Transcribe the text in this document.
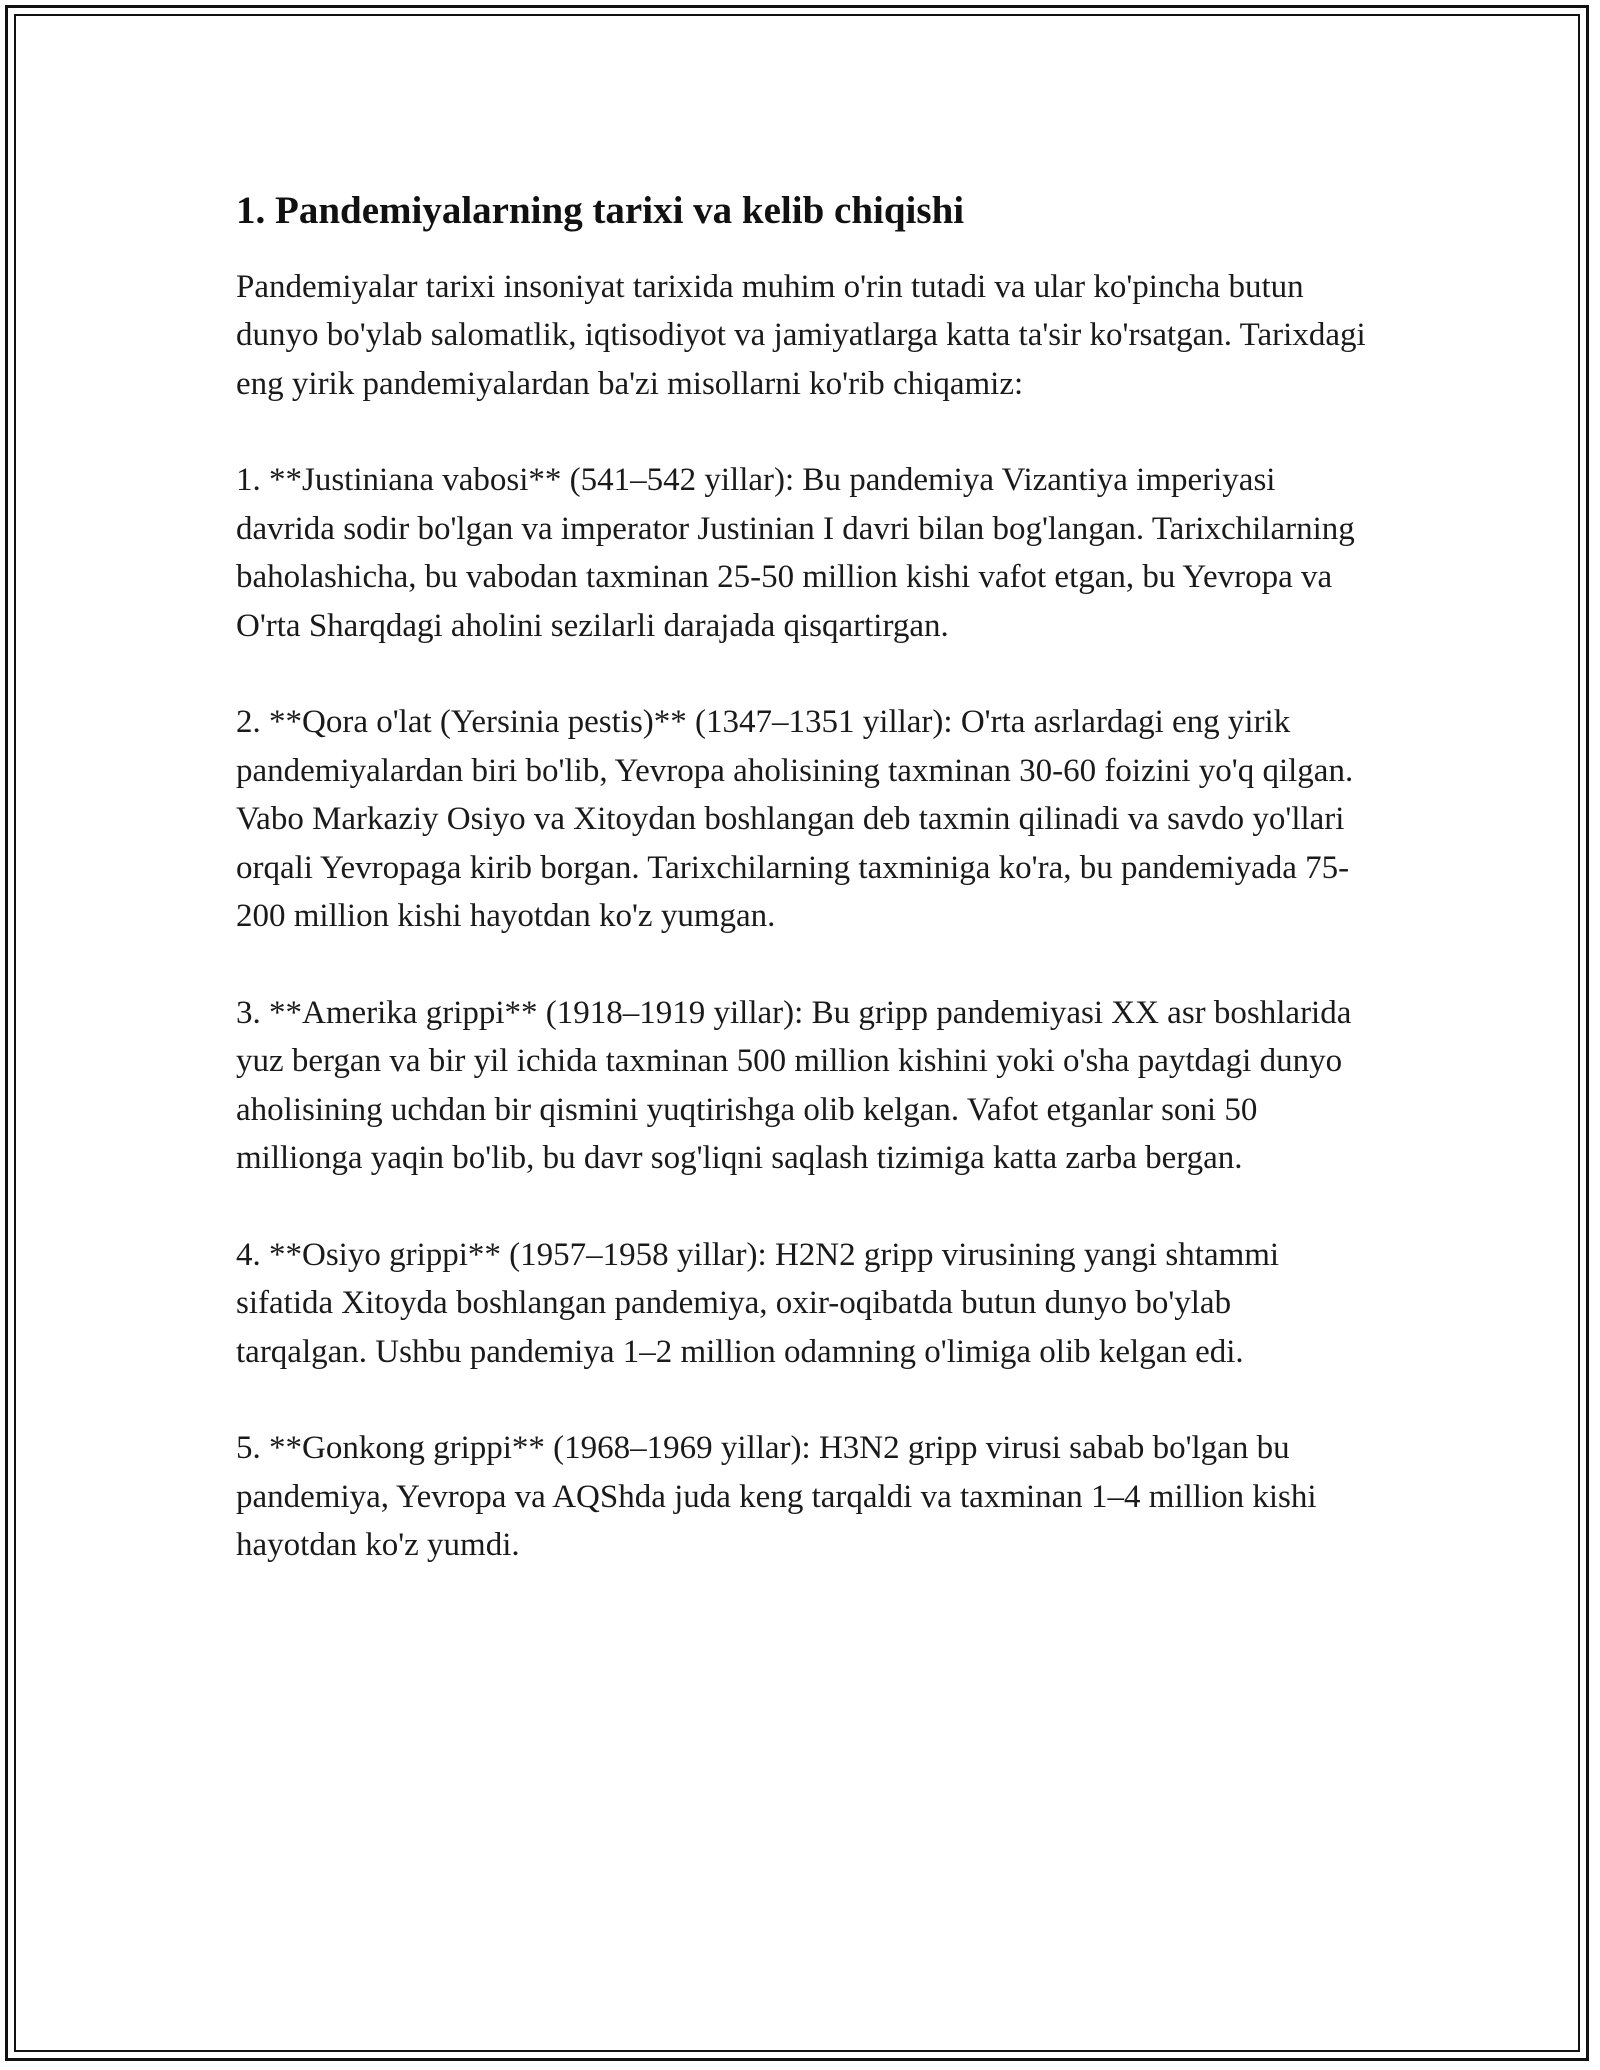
1. Pandemiyalarning tarixi va kelib chiqishi

Pandemiyalar tarixi insoniyat tarixida muhim o'rin tutadi va ular ko'pincha butun dunyo bo'ylab salomatlik, iqtisodiyot va jamiyatlarga katta ta'sir ko'rsatgan. Tarixdagi eng yirik pandemiyalardan ba'zi misollarni ko'rib chiqamiz:

1. **Justiniana vabosi** (541–542 yillar): Bu pandemiya Vizantiya imperiyasi davrida sodir bo'lgan va imperator Justinian I davri bilan bog'langan. Tarixchilarning baholashicha, bu vabodan taxminan 25-50 million kishi vafot etgan, bu Yevropa va O'rta Sharqdagi aholini sezilarli darajada qisqartirgan.

2. **Qora o'lat (Yersinia pestis)** (1347–1351 yillar): O'rta asrlardagi eng yirik pandemiyalardan biri bo'lib, Yevropa aholisining taxminan 30-60 foizini yo'q qilgan. Vabo Markaziy Osiyo va Xitoydan boshlangan deb taxmin qilinadi va savdo yo'llari orqali Yevropaga kirib borgan. Tarixchilarning taxminiga ko'ra, bu pandemiyada 75-200 million kishi hayotdan ko'z yumgan.

3. **Amerika grippi** (1918–1919 yillar): Bu gripp pandemiyasi XX asr boshlarida yuz bergan va bir yil ichida taxminan 500 million kishini yoki o'sha paytdagi dunyo aholisining uchdan bir qismini yuqtirishga olib kelgan. Vafot etganlar soni 50 millionga yaqin bo'lib, bu davr sog'liqni saqlash tizimiga katta zarba bergan.

4. **Osiyo grippi** (1957–1958 yillar): H2N2 gripp virusining yangi shtammi sifatida Xitoyda boshlangan pandemiya, oxir-oqibatda butun dunyo bo'ylab tarqalgan. Ushbu pandemiya 1–2 million odamning o'limiga olib kelgan edi.

5. **Gonkong grippi** (1968–1969 yillar): H3N2 gripp virusi sabab bo'lgan bu pandemiya, Yevropa va AQShda juda keng tarqaldi va taxminan 1–4 million kishi hayotdan ko'z yumdi.
